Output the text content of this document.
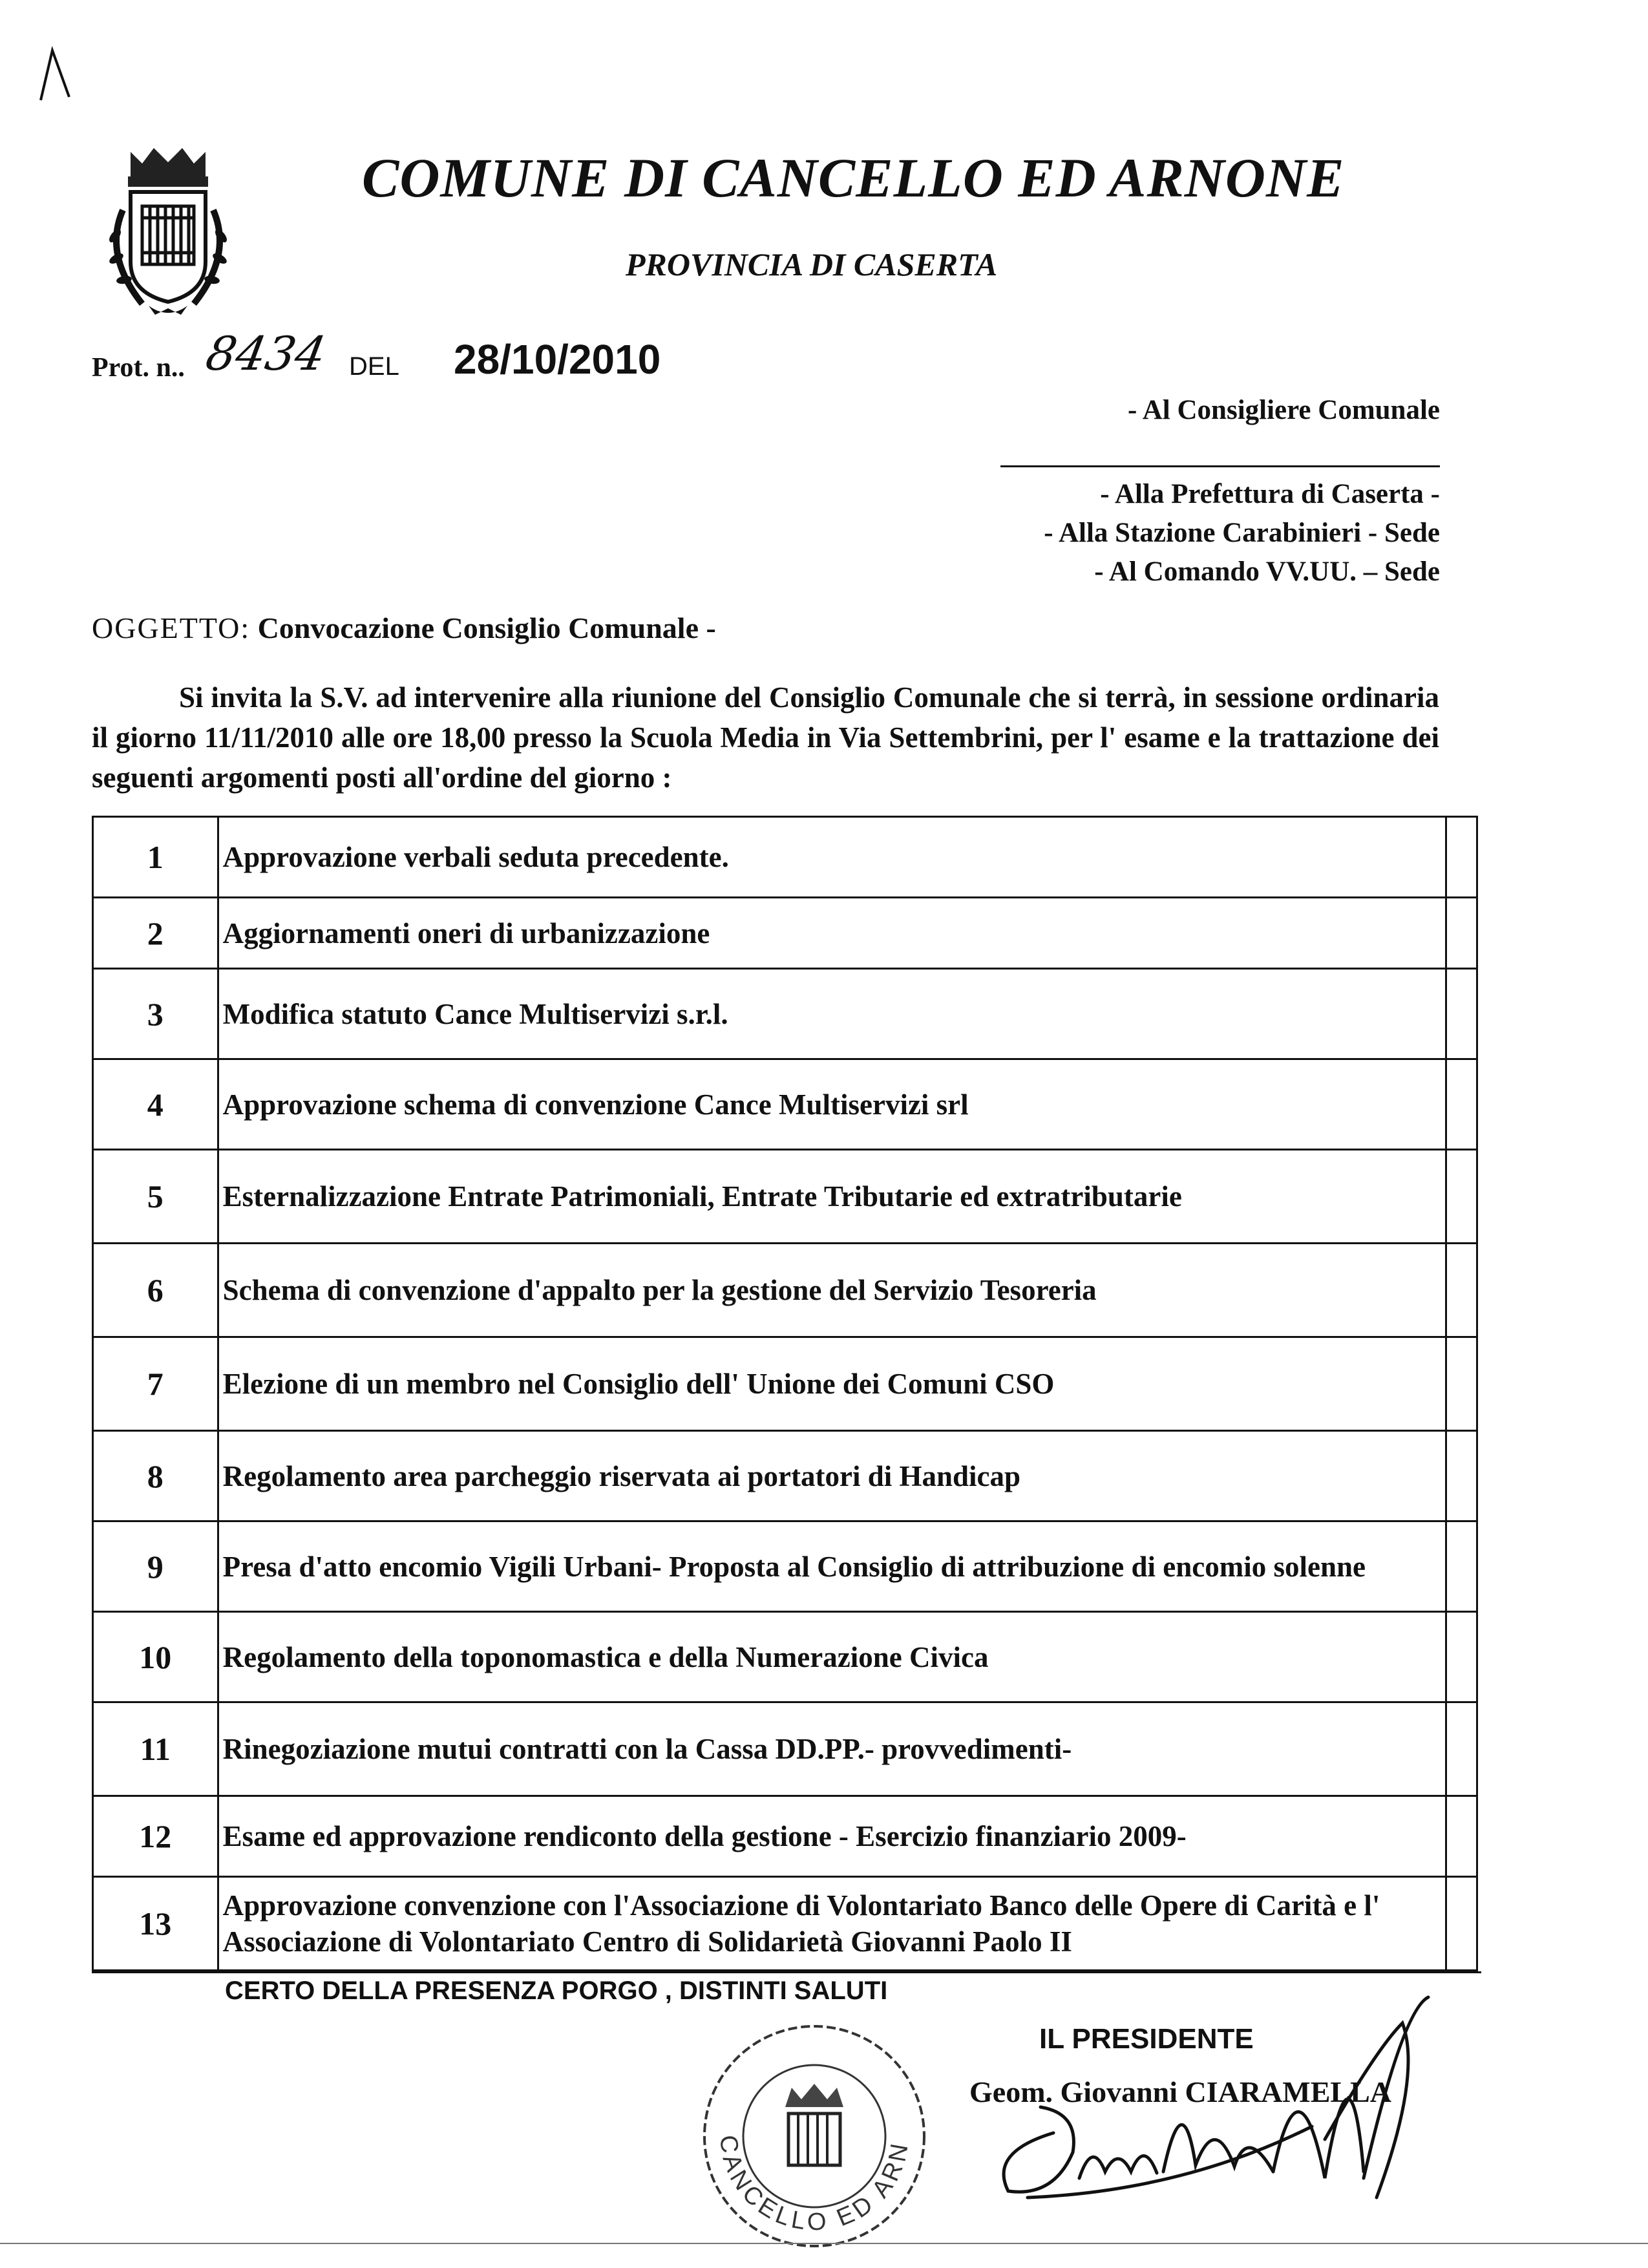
COMUNE DI CANCELLO ED ARNONE
PROVINCIA DI CASERTA
Prot. n.. 8434 DEL 28/10/2010
- Al Consigliere Comunale
- Alla Prefettura di Caserta -
- Alla Stazione Carabinieri - Sede
- Al Comando VV.UU. – Sede
OGGETTO: Convocazione Consiglio Comunale -
Si invita la S.V. ad intervenire alla riunione del Consiglio Comunale che si terrà, in sessione ordinaria il giorno 11/11/2010 alle ore 18,00 presso la Scuola Media in Via Settembrini, per l' esame e la trattazione dei seguenti argomenti posti all'ordine del giorno :
1	Approvazione verbali seduta precedente.	
2	Aggiornamenti oneri di urbanizzazione	
3	Modifica statuto Cance Multiservizi s.r.l.	
4	Approvazione schema di convenzione Cance Multiservizi srl	
5	Esternalizzazione Entrate Patrimoniali, Entrate Tributarie ed extratributarie	
6	Schema di convenzione d'appalto per la gestione del Servizio Tesoreria	
7	Elezione di un membro nel Consiglio dell' Unione dei Comuni CSO	
8	Regolamento area parcheggio riservata ai portatori di Handicap	
9	Presa d'atto encomio Vigili Urbani- Proposta al Consiglio di attribuzione di encomio solenne	
10	Regolamento della toponomastica e della Numerazione Civica	
11	Rinegoziazione mutui contratti con la Cassa DD.PP.- provvedimenti-	
12	Esame ed approvazione rendiconto della gestione - Esercizio finanziario 2009-	
13	Approvazione convenzione con l'Associazione di Volontariato Banco delle Opere di Carità e l' Associazione di Volontariato Centro di Solidarietà Giovanni Paolo II	
CERTO DELLA PRESENZA PORGO , DISTINTI SALUTI
CANCELLO ED ARN
IL PRESIDENTE
Geom. Giovanni CIARAMELLA
